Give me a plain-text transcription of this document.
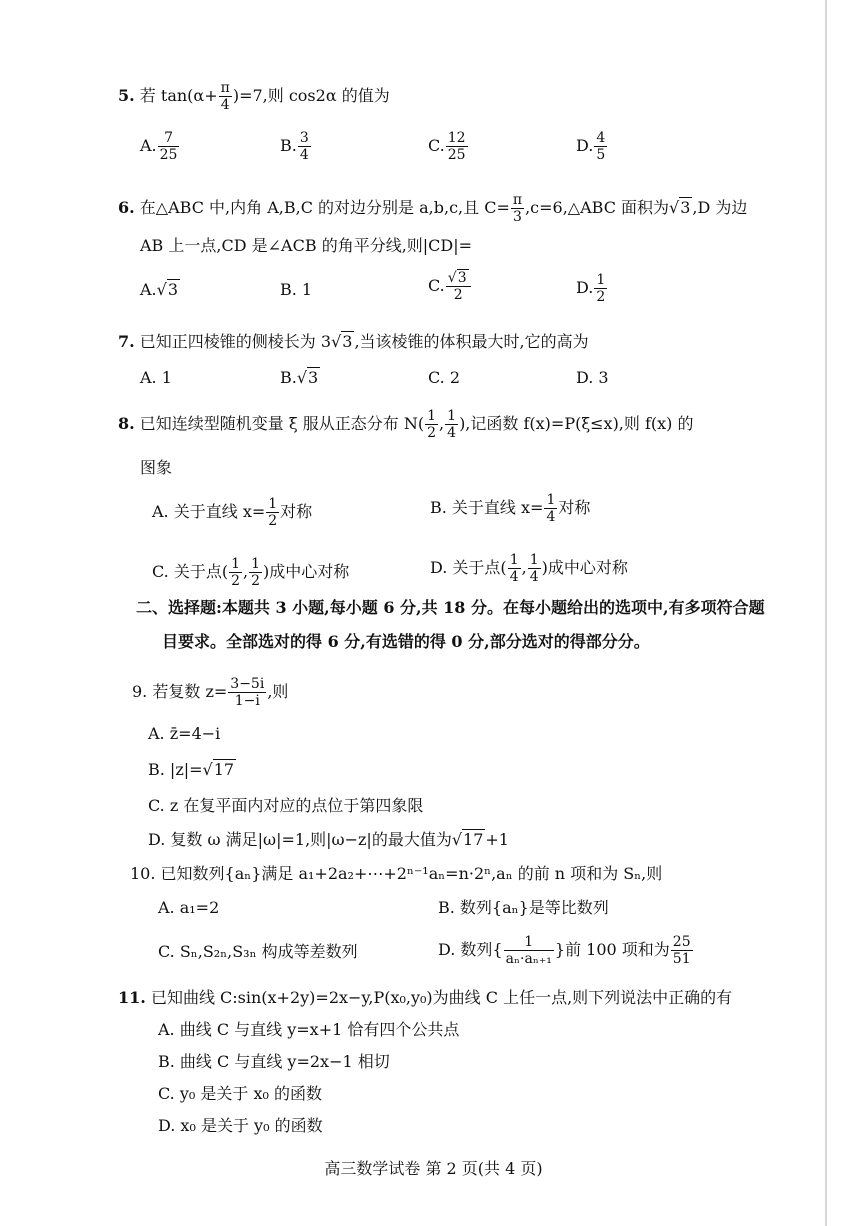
5. 若 $\tan(\alpha+ \frac{\pi}{4} )=7$,则 cos2α 的值为
A. $\frac{7}{25}$	B. $\frac{3}{4}$	C. $\frac{12}{25}$	D. $\frac{4}{5}$
6. 在△ABC 中,内角 A,B,C 的对边分别是 a,b,c,且 $C= \frac{\pi}{3}$ ,c=6,△ABC 面积为√3 ,D 为边
AB 上一点,CD 是∠ACB 的角平分线,则|CD|=
A.√3	B. 1	C. $\frac{√3}{2}$	D. $\frac{1}{2}$
7. 已知正四棱锥的侧棱长为 3√3 ,当该棱锥的体积最大时,它的高为
A. 1	B.√3	C. 2	D. 3
8. 已知连续型随机变量 ξ 服从正态分布 $N( \frac{1}{2}$ , $\frac{1}{4}$ ),记函数 f(x)=P(ξ≤x),则 f(x) 的
图象
A. 关于直线 $x= \frac{1}{2}$ 对称	B. 关于直线 $x= \frac{1}{4}$ 对称
C. 关于点( $\frac{1}{2}$ , $\frac{1}{2}$ )成中心对称	D. 关于点( $\frac{1}{4}$ , $\frac{1}{4}$ )成中心对称
二、选择题:本题共 3 小题,每小题 6 分,共 18 分。在每小题给出的选项中,有多项符合题
目要求。全部选对的得 6 分,有选错的得 0 分,部分选对的得部分分。
9. 若复数 $z= \frac{3-5i}{1-i}$ ,则
A. z̄=4−i
B. |z|=√17
C. z 在复平面内对应的点位于第四象限
D. 复数 ω 满足|ω|=1,则|ω−z|的最大值为√17 +1
10. 已知数列{aₙ}满足 a₁+2a₂+⋯+2ⁿ⁻¹aₙ=n·2ⁿ,aₙ 的前 n 项和为 Sₙ,则
A. a₁=2	B. 数列{aₙ}是等比数列
C. Sₙ,S₂ₙ,S₃ₙ 构成等差数列	D. 数列{ $\frac{1}{\text{aₙ·aₙ₊₁}}$ }前 100 项和为 $\frac{25}{51}$
11. 已知曲线 C:sin(x+2y)=2x−y,P(x₀,y₀)为曲线 C 上任一点,则下列说法中正确的有
A. 曲线 C 与直线 y=x+1 恰有四个公共点
B. 曲线 C 与直线 y=2x−1 相切
C. y₀ 是关于 x₀ 的函数
D. x₀ 是关于 y₀ 的函数
高三数学试卷 第 2 页(共 4 页)
